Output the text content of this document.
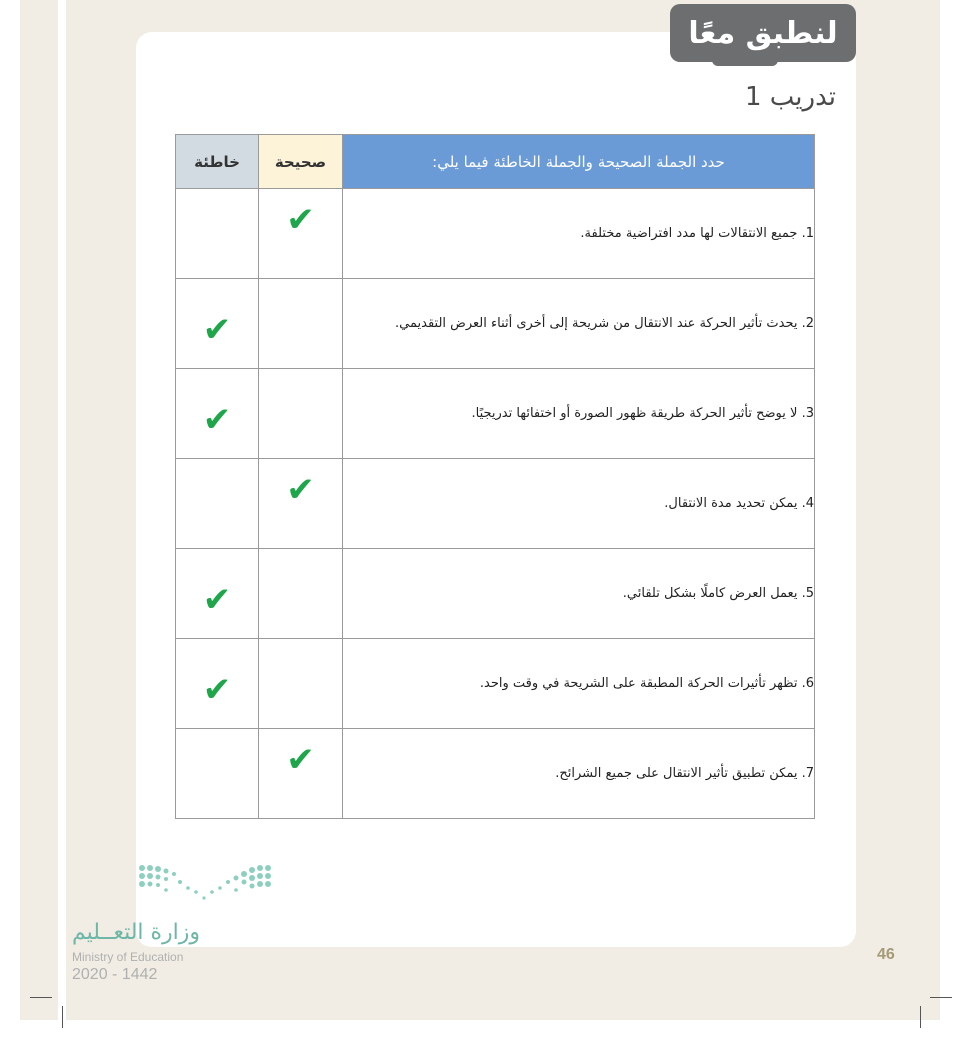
لنطبق معًا
تدريب 1
حدد الجملة الصحيحة والجملة الخاطئة فيما يلي:	صحيحة	خاطئة
1. جميع الانتقالات لها مدد افتراضية مختلفة.	✔	
2. يحدث تأثير الحركة عند الانتقال من شريحة إلى أخرى أثناء العرض التقديمي.		✔
3. لا يوضح تأثير الحركة طريقة ظهور الصورة أو اختفائها تدريجيًا.		✔
4. يمكن تحديد مدة الانتقال.	✔	
5. يعمل العرض كاملًا بشكل تلقائي.		✔
6. تظهر تأثيرات الحركة المطبقة على الشريحة في وقت واحد.		✔
7. يمكن تطبيق تأثير الانتقال على جميع الشرائح.	✔	
وزارة التعــليم
Ministry of Education
2020 - 1442
46
